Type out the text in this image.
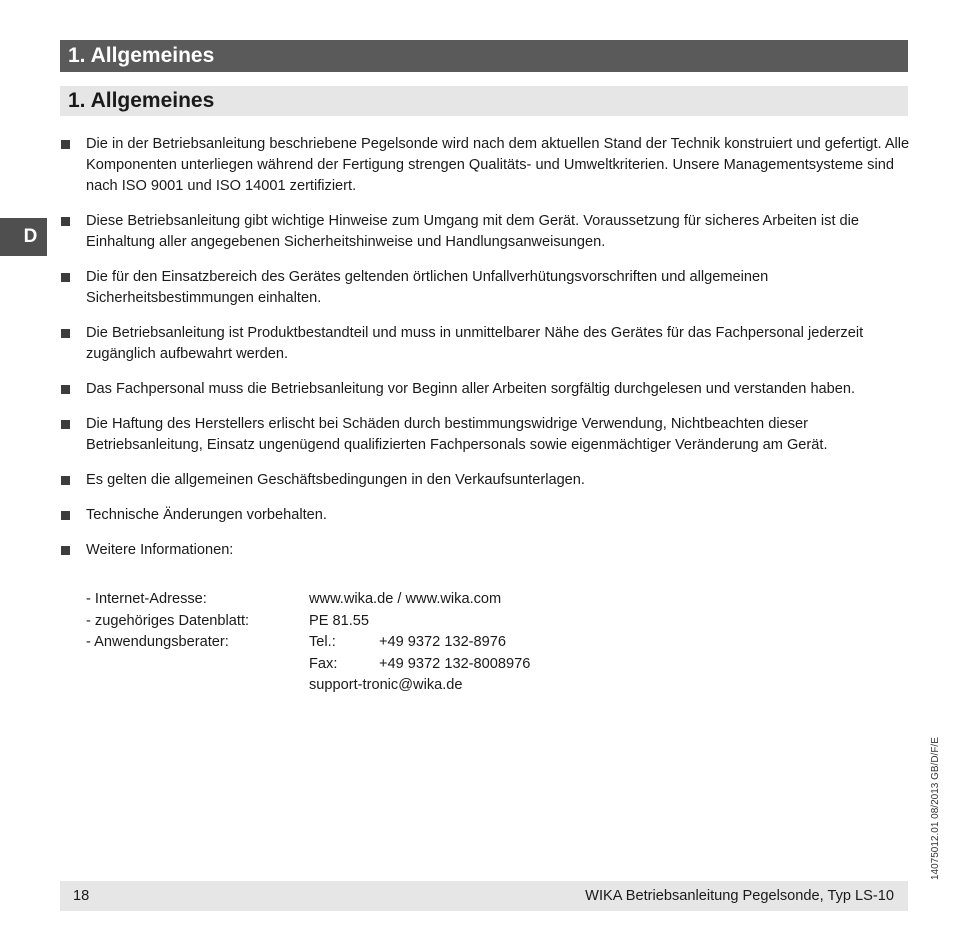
1. Allgemeines
1. Allgemeines
D
Die in der Betriebsanleitung beschriebene Pegelsonde wird nach dem aktuellen Stand der Technik konstruiert und gefertigt. Alle Komponenten unterliegen während der Fertigung strengen Qualitäts- und Umweltkriterien. Unsere Managementsysteme sind nach ISO 9001 und ISO 14001 zertifiziert.
Diese Betriebsanleitung gibt wichtige Hinweise zum Umgang mit dem Gerät. Voraussetzung für sicheres Arbeiten ist die Einhaltung aller angegebenen Sicherheitshinweise und Handlungsanweisungen.
Die für den Einsatzbereich des Gerätes geltenden örtlichen Unfallverhütungsvorschriften und allgemeinen Sicherheitsbestimmungen einhalten.
Die Betriebsanleitung ist Produktbestandteil und muss in unmittelbarer Nähe des Gerätes für das Fachpersonal jederzeit zugänglich aufbewahrt werden.
Das Fachpersonal muss die Betriebsanleitung vor Beginn aller Arbeiten sorgfältig durchgelesen und verstanden haben.
Die Haftung des Herstellers erlischt bei Schäden durch bestimmungswidrige Verwendung, Nichtbeachten dieser Betriebsanleitung, Einsatz ungenügend qualifizierten Fachpersonals sowie eigenmächtiger Veränderung am Gerät.
Es gelten die allgemeinen Geschäftsbedingungen in den Verkaufsunterlagen.
Technische Änderungen vorbehalten.
Weitere Informationen:
- Internet-Adresse:	www.wika.de / www.wika.com
- zugehöriges Datenblatt:	PE 81.55
- Anwendungsberater:	Tel.:	+49 9372 132-8976
Fax:	+49 9372 132-8008976
support-tronic@wika.de
14075012.01 08/2013 GB/D/F/E
18	WIKA Betriebsanleitung Pegelsonde, Typ LS-10
